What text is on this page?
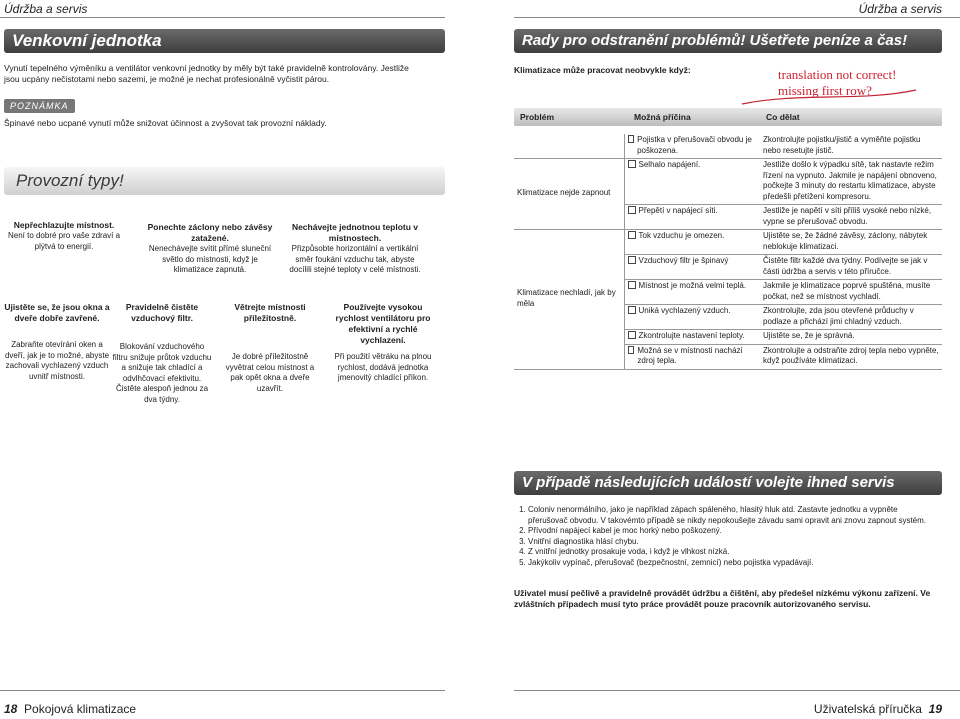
Údržba a servis	Údržba a servis
Venkovní jednotka
Vynutí tepelného výměníku a ventilátor venkovní jednotky by měly být také pravidelně kontrolovány. Jestliže jsou ucpány nečistotami nebo sazemi, je možné je nechat profesionálně vyčistit párou.
POZNÁMKA
Špinavé nebo ucpané vynutí může snižovat účinnost a zvyšovat tak provozní náklady.
Provozní typy!
Nepřechlazujte místnost.
Není to dobré pro vaše zdraví a plýtvá to energií.
Ponechte záclony nebo závěsy zatažené.
Nenechávejte svítit přímé sluneční světlo do místnosti, když je klimatizace zapnutá.
Nechávejte jednotnou teplotu v místnostech.
Přizpůsobte horizontální a vertikální směr foukání vzduchu tak, abyste docílili stejné teploty v celé místnosti.
Ujistěte se, že jsou okna a dveře dobře zavřené.
Zabraňte otevírání oken a dveří, jak je to možné, abyste zachovali vychlazený vzduch uvnitř místnosti.
Pravidelně čistěte vzduchový filtr.
Blokování vzduchového filtru snižuje průtok vzduchu a snižuje tak chladící a odvlhčovací efektivitu. Čistěte alespoň jednou za dva týdny.
Větrejte místnosti příležitostně.
Je dobré příležitostně vyvětrat celou místnost a pak opět okna a dveře uzavřít.
Používejte vysokou rychlost ventilátoru pro efektivní a rychlé vychlazení.
Při použití větráku na plnou rychlost, dodává jednotka jmenovitý chladící příkon.
Rady pro odstranění problémů! Ušetřete peníze a čas!
Klimatizace může pracovat neobvykle když:	translation not correct!
missing first row?
Problém	Možná příčina	Co dělat

	Pojistka v přerušovači obvodu je poškozena.	Zkontrolujte pojistku/jistič a vyměňte pojistku nebo resetujte jistič.
Klimatizace nejde zapnout	Selhalo napájení.	Jestliže došlo k výpadku sítě, tak nastavte režim řízení na vypnuto. Jakmile je napájení obnoveno, počkejte 3 minuty do restartu klimatizace, abyste předešli přetížení kompresoru.

	Přepětí v napájecí síti.	Jestliže je napětí v síti příliš vysoké nebo nízké, vypne se přerušovač obvodu.
Klimatizace nechladí, jak by měla	Tok vzduchu je omezen.	Ujistěte se, že žádné závěsy, záclony, nábytek neblokuje klimatizaci.

	Vzduchový filtr je špinavý	Čistěte filtr každé dva týdny. Podívejte se jak v části údržba a servis v této příručce.

	Místnost je možná velmi teplá.	Jakmile je klimatizace poprvé spuštěna, musíte počkat, než se místnost vychladí.

	Uniká vychlazený vzduch.	Zkontrolujte, zda jsou otevřené průduchy v podlaze a přichází jimi chladný vzduch.

	Zkontrolujte nastavení teploty.	Ujistěte se, že je správná.

	Možná se v místnosti nachází zdroj tepla.	Zkontrolujte a odstraňte zdroj tepla nebo vypněte, když používáte klimatizaci.
V případě následujících událostí volejte ihned servis
1. Coloniv nenormálního, jako je například zápach spáleného, hlasitý hluk atd. Zastavte jednotku a vypněte přerušovač obvodu. V takovémto případě se nikdy nepokoušejte závadu sami opravit ani znovu zapnout systém.
2. Přívodní napájecí kabel je moc horký nebo poškozený.
3. Vnitřní diagnostika hlásí chybu.
4. Z vnitřní jednotky prosakuje voda, i když je vlhkost nízká.
5. Jakýkoliv vypínač, přerušovač (bezpečnostní, zemnicí) nebo pojistka vypadávají.
Uživatel musí pečlivě a pravidelně provádět údržbu a čištění, aby předešel nízkému výkonu zařízení. Ve zvláštních případech musí tyto práce provádět pouze pracovník autorizovaného servisu.
18 Pokojová klimatizace	Uživatelská příručka 19
